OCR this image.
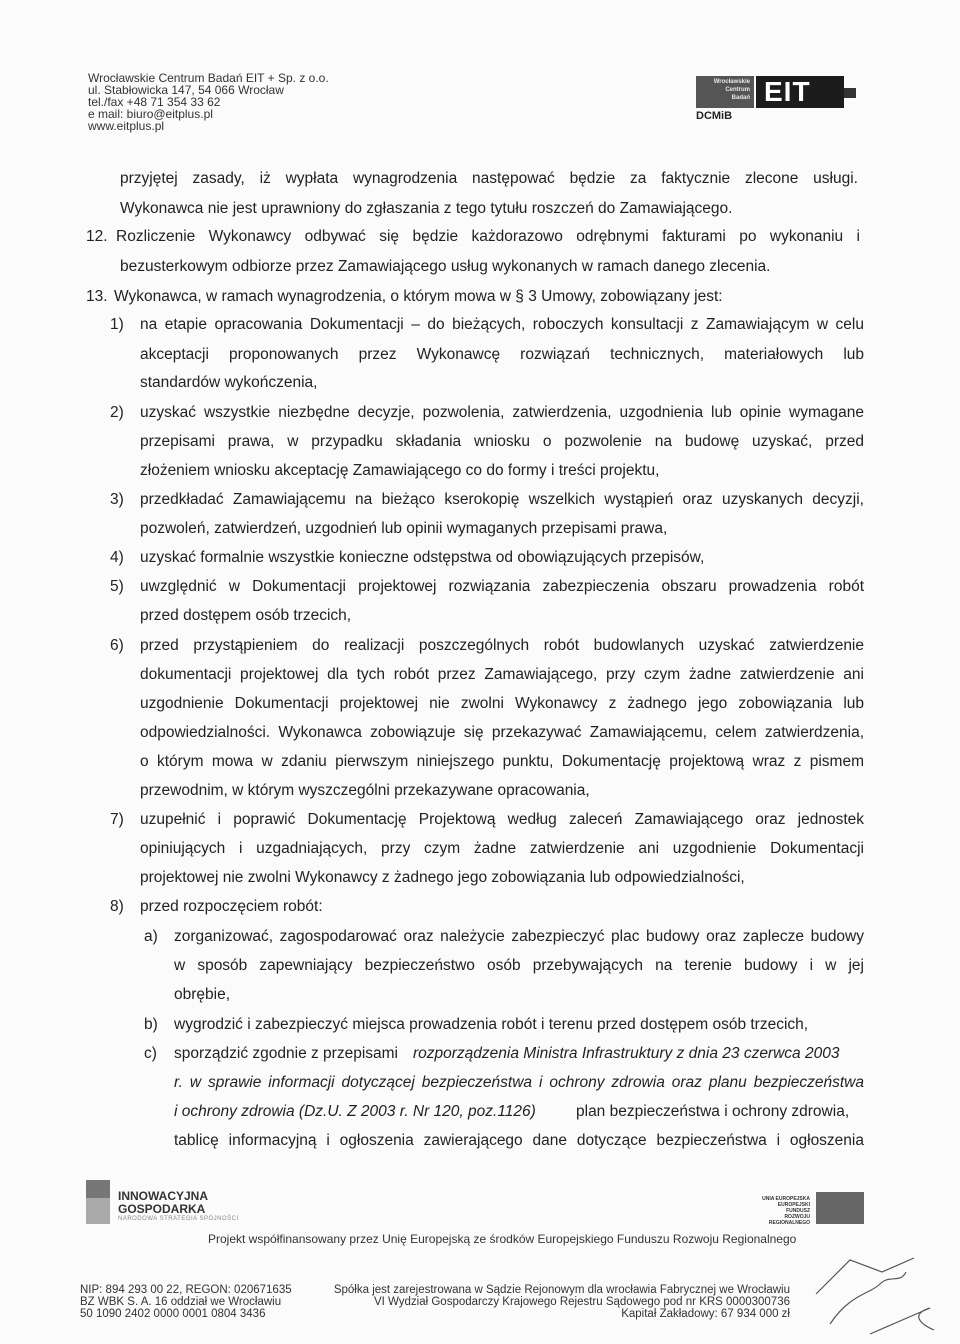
Wrocławskie Centrum Badań EIT + Sp. z o.o.
ul. Stabłowicka 147, 54 066 Wrocław
tel./fax +48 71 354 33 62
e mail: biuro@eitplus.pl
www.eitplus.pl
Wrocławskie
Centrum
Badań EIT
DCMiB
przyjętej zasady, iż wypłata wynagrodzenia następować będzie za faktycznie zlecone usługi.
Wykonawca nie jest uprawniony do zgłaszania z tego tytułu roszczeń do Zamawiającego.
12. Rozliczenie Wykonawcy odbywać się będzie każdorazowo odrębnymi fakturami po wykonaniu i
bezusterkowym odbiorze przez Zamawiającego usług wykonanych w ramach danego zlecenia.
13. Wykonawca, w ramach wynagrodzenia, o którym mowa w § 3 Umowy, zobowiązany jest:
1) na etapie opracowania Dokumentacji – do bieżących, roboczych konsultacji z Zamawiającym w celu
akceptacji proponowanych przez Wykonawcę rozwiązań technicznych, materiałowych lub
standardów wykończenia,
2) uzyskać wszystkie niezbędne decyzje, pozwolenia, zatwierdzenia, uzgodnienia lub opinie wymagane
przepisami prawa, w przypadku składania wniosku o pozwolenie na budowę uzyskać, przed
złożeniem wniosku akceptację Zamawiającego co do formy i treści projektu,
3) przedkładać Zamawiającemu na bieżąco kserokopię wszelkich wystąpień oraz uzyskanych decyzji,
pozwoleń, zatwierdzeń, uzgodnień lub opinii wymaganych przepisami prawa,
4) uzyskać formalnie wszystkie konieczne odstępstwa od obowiązujących przepisów,
5) uwzględnić w Dokumentacji projektowej rozwiązania zabezpieczenia obszaru prowadzenia robót
przed dostępem osób trzecich,
6) przed przystąpieniem do realizacji poszczególnych robót budowlanych uzyskać zatwierdzenie
dokumentacji projektowej dla tych robót przez Zamawiającego, przy czym żadne zatwierdzenie ani
uzgodnienie Dokumentacji projektowej nie zwolni Wykonawcy z żadnego jego zobowiązania lub
odpowiedzialności. Wykonawca zobowiązuje się przekazywać Zamawiającemu, celem zatwierdzenia,
o którym mowa w zdaniu pierwszym niniejszego punktu, Dokumentację projektową wraz z pismem
przewodnim, w którym wyszczególni przekazywane opracowania,
7) uzupełnić i poprawić Dokumentację Projektową według zaleceń Zamawiającego oraz jednostek
opiniujących i uzgadniających, przy czym żadne zatwierdzenie ani uzgodnienie Dokumentacji
projektowej nie zwolni Wykonawcy z żadnego jego zobowiązania lub odpowiedzialności,
8) przed rozpoczęciem robót:
a) zorganizować, zagospodarować oraz należycie zabezpieczyć plac budowy oraz zaplecze budowy
w sposób zapewniający bezpieczeństwo osób przebywających na terenie budowy i w jej
obrębie,
b) wygrodzić i zabezpieczyć miejsca prowadzenia robót i terenu przed dostępem osób trzecich,
c) sporządzić zgodnie z przepisami rozporządzenia Ministra Infrastruktury z dnia 23 czerwca 2003
r. w sprawie informacji dotyczącej bezpieczeństwa i ochrony zdrowia oraz planu bezpieczeństwa
i ochrony zdrowia (Dz.U. Z 2003 r. Nr 120, poz.1126)	plan bezpieczeństwa i ochrony zdrowia,
tablicę informacyjną i ogłoszenia zawierającego dane dotyczące bezpieczeństwa i ogłoszenia
INNOWACYJNA
GOSPODARKA
NARODOWA STRATEGIA SPÓJNOŚCI
UNIA EUROPEJSKA
EUROPEJSKI FUNDUSZ
ROZWOJU REGIONALNEGO
Projekt współfinansowany przez Unię Europejską ze środków Europejskiego Funduszu Rozwoju Regionalnego
NIP: 894 293 00 22, REGON: 020671635
BZ WBK S. A. 16 oddział we Wrocławiu
50 1090 2402 0000 0001 0804 3436
Spółka jest zarejestrowana w Sądzie Rejonowym dla wrocławia Fabrycznej we Wrocławiu
VI Wydział Gospodarczy Krajowego Rejestru Sądowego pod nr KRS 0000300736
Kapitał Zakładowy: 67 934 000 zł
